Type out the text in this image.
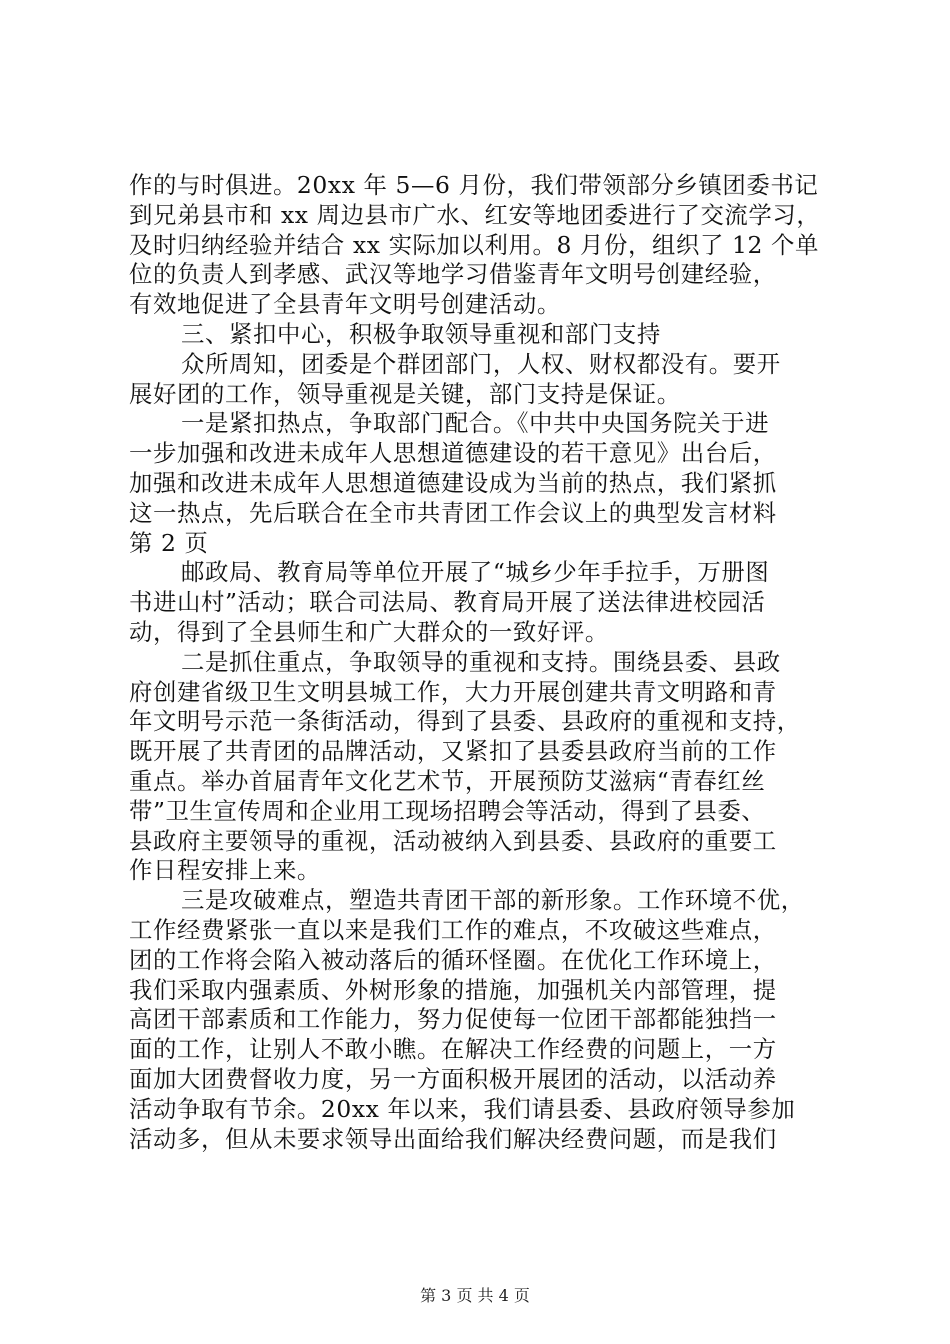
作的与时俱进。20xx 年 5—6 月份，我们带领部分乡镇团委书记
到兄弟县市和 xx 周边县市广水、红安等地团委进行了交流学习，
及时归纳经验并结合 xx 实际加以利用。8 月份，组织了 12 个单
位的负责人到孝感、武汉等地学习借鉴青年文明号创建经验，
有效地促进了全县青年文明号创建活动。
三、紧扣中心，积极争取领导重视和部门支持
众所周知，团委是个群团部门，人权、财权都没有。要开
展好团的工作，领导重视是关键，部门支持是保证。
一是紧扣热点，争取部门配合。《中共中央国务院关于进
一步加强和改进未成年人思想道德建设的若干意见》出台后，
加强和改进未成年人思想道德建设成为当前的热点，我们紧抓
这一热点，先后联合在全市共青团工作会议上的典型发言材料
第 2 页
邮政局、教育局等单位开展了“城乡少年手拉手，万册图
书进山村”活动；联合司法局、教育局开展了送法律进校园活
动，得到了全县师生和广大群众的一致好评。
二是抓住重点，争取领导的重视和支持。围绕县委、县政
府创建省级卫生文明县城工作，大力开展创建共青文明路和青
年文明号示范一条街活动，得到了县委、县政府的重视和支持，
既开展了共青团的品牌活动，又紧扣了县委县政府当前的工作
重点。举办首届青年文化艺术节，开展预防艾滋病“青春红丝
带”卫生宣传周和企业用工现场招聘会等活动，得到了县委、
县政府主要领导的重视，活动被纳入到县委、县政府的重要工
作日程安排上来。
三是攻破难点，塑造共青团干部的新形象。工作环境不优，
工作经费紧张一直以来是我们工作的难点，不攻破这些难点，
团的工作将会陷入被动落后的循环怪圈。在优化工作环境上，
我们采取内强素质、外树形象的措施，加强机关内部管理，提
高团干部素质和工作能力，努力促使每一位团干部都能独挡一
面的工作，让别人不敢小瞧。在解决工作经费的问题上，一方
面加大团费督收力度，另一方面积极开展团的活动，以活动养
活动争取有节余。20xx 年以来，我们请县委、县政府领导参加
活动多，但从未要求领导出面给我们解决经费问题，而是我们
第 3 页 共 4 页
